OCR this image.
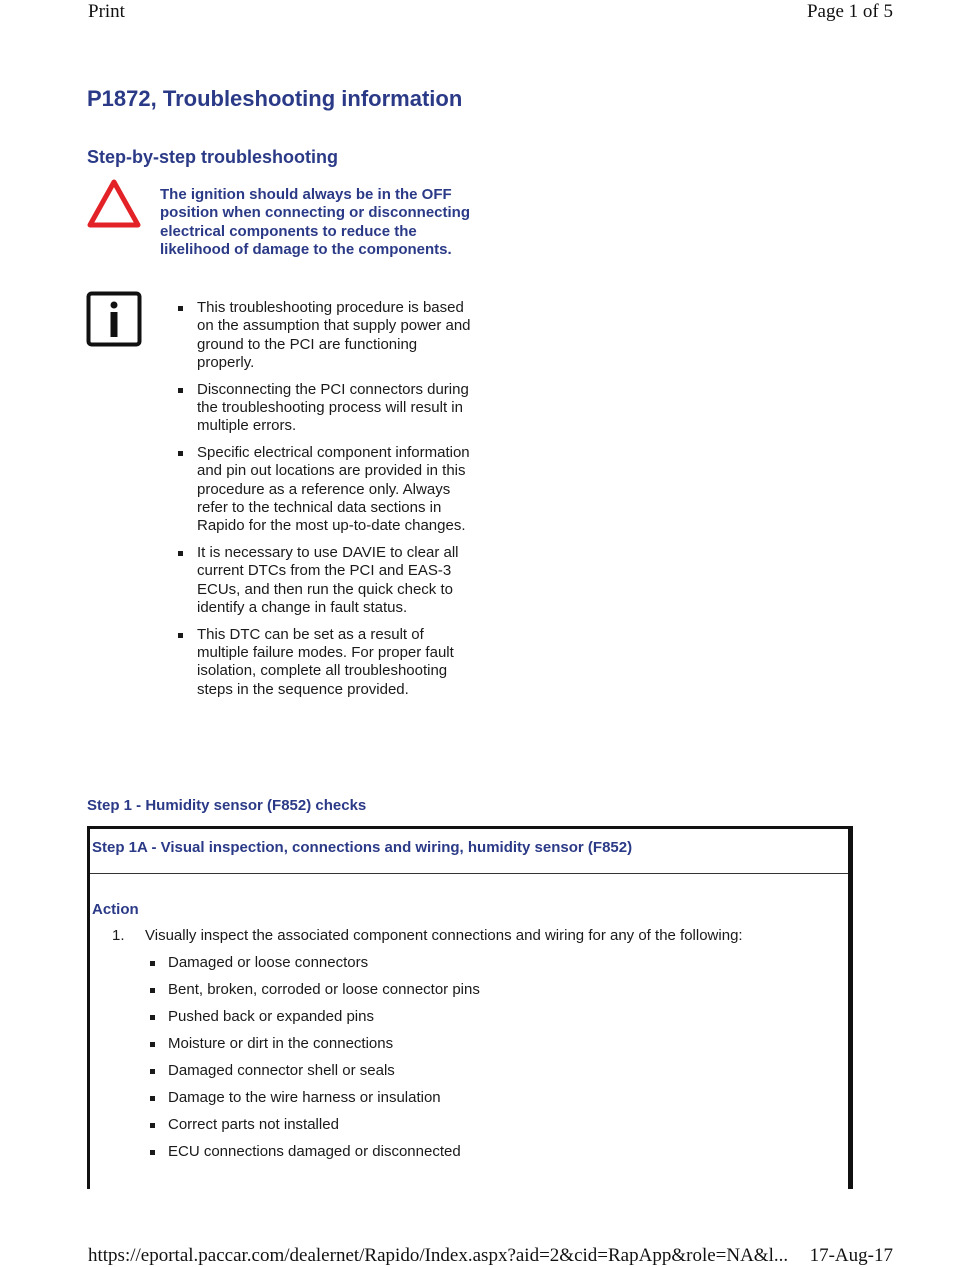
Print	Page 1 of 5
P1872, Troubleshooting information
Step-by-step troubleshooting
The ignition should always be in the OFF position when connecting or disconnecting electrical components to reduce the likelihood of damage to the components.
This troubleshooting procedure is based on the assumption that supply power and ground to the PCI are functioning properly.
Disconnecting the PCI connectors during the troubleshooting process will result in multiple errors.
Specific electrical component information and pin out locations are provided in this procedure as a reference only. Always refer to the technical data sections in Rapido for the most up-to-date changes.
It is necessary to use DAVIE to clear all current DTCs from the PCI and EAS-3 ECUs, and then run the quick check to identify a change in fault status.
This DTC can be set as a result of multiple failure modes. For proper fault isolation, complete all troubleshooting steps in the sequence provided.
Step 1 - Humidity sensor (F852) checks
Step 1A - Visual inspection, connections and wiring, humidity sensor (F852)
Action
1. Visually inspect the associated component connections and wiring for any of the following:
Damaged or loose connectors
Bent, broken, corroded or loose connector pins
Pushed back or expanded pins
Moisture or dirt in the connections
Damaged connector shell or seals
Damage to the wire harness or insulation
Correct parts not installed
ECU connections damaged or disconnected
https://eportal.paccar.com/dealernet/Rapido/Index.aspx?aid=2&cid=RapApp&role=NA&l... 17-Aug-17
